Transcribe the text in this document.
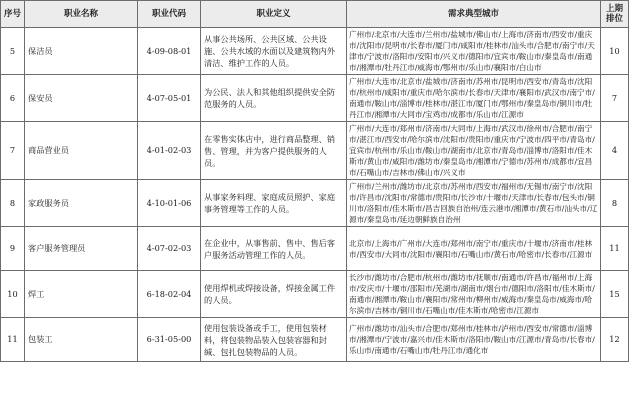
序号	职业名称	职业代码	职业定义	需求典型城市	上期排位
5	保洁员	4-09-08-01	从事公共场所、公共区域、公共设施、公共水域的水面以及建筑物内外清洁、维护工作的人员。	广州市/北京市/大连市/兰州市/盐城市/佛山市/上海市/济南市/西安市/重庆市/沈阳市/昆明市/长春市/厦门市/咸阳市/桂林市/汕头市/合肥市/南宁市/天津市/宁波市/洛阳市/安阳市/兴义市/德阳市/宜宾市/鞍山市/秦皇岛市/南通市/湘潭市/牡丹江市/威海市/鄂州市/乐山市/襄阳市/白山市	10
6	保安员	4-07-05-01	为公民、法人和其他组织提供安全防范服务的人员。	广州市/大连市/北京市/盐城市/济南市/苏州市/昆明市/西安市/青岛市/沈阳市/杭州市/咸阳市/重庆市/哈尔滨市/长春市/天津市/襄阳市/武汉市/南宁市/南通市/鞍山市/淄博市/桂林市/湛江市/厦门市/鄂州市/秦皇岛市/铜川市/牡丹江市/湘潭市/大同市/宝鸡市/成都市/乐山市/江源市	7
7	商品营业员	4-01-02-03	在零售实体店中，进行商品整理、销售、管理，并为客户提供服务的人员。	广州市/大连市/郑州市/济南市/大同市/上海市/武汉市/徐州市/合肥市/南宁市/湛江市/西安市/哈尔滨市/沈阳市/贵阳市/重庆市/宁波市/四平市/青岛市/宜宾市/杭州市/乐山市/鞍山市/湖南市/北京市/青岛市/淄博市/洛阳市/佳木斯市/黄山市/咸阳市/潍坊市/秦皇岛市/湘潭市/宁德市/苏州市/成都市/宜昌市/石嘴山市/吉林市/佛山市/兴义市	4
8	家政服务员	4-10-01-06	从事家务料理、家庭成员照护、家庭事务管理等工作的人员。	广州市/兰州市/潍坊市/北京市/苏州市/西安市/福州市/无锡市/南宁市/沈阳市/许昌市/沈阳市/常德市/贵阳市/长沙市/十堰市/天津市/长春市/包头市/铜川市/洛阳市/佳木斯市/昌吉回族自治州/连云港市/湘潭市/黄石市/汕头市/辽源市/秦皇岛市/延边朝鲜族自治州	8
9	客户服务管理员	4-07-02-03	在企业中，从事售前、售中、售后客户服务活动管理工作的人员。	北京市/上海市/广州市/大连市/郑州市/南宁市/重庆市/十堰市/济南市/桂林市/西安市/大同市/沈阳市/襄阳市/石嘴山市/黄石市/哈密市/长春市/江源市	11
10	焊工	6-18-02-04	使用焊机或焊接设备，焊接金属工件的人员。	长沙市/潍坊市/合肥市/杭州市/潍坊市/抚顺市/南通市/许昌市/福州市/上海市/安庆市/十堰市/邵阳市/芜湖市/湖南市/烟台市/德阳市/洛阳市/佳木斯市/南通市/湘潭市/鞍山市/襄阳市/常州市/柳州市/威海市/秦皇岛市/威海市/哈尔滨市/吉林市/铜川市/石嘴山市/佳木斯市/哈密市/江源市	15
11	包装工	6-31-05-00	使用包装设备或手工，使用包装材料，将包装物品装入包装容器和封缄、包扎包装物品的人员。	广州市/潍坊市/汕头市/合肥市/郑州市/桂林市/泸州市/西安市/常德市/淄博市/湘潭市/宁波市/嘉兴市/佳木斯市/洛阳市/鞍山市/江源市/青岛市/长春市/乐山市/南通市/石嘴山市/牡丹江市/通化市	12
